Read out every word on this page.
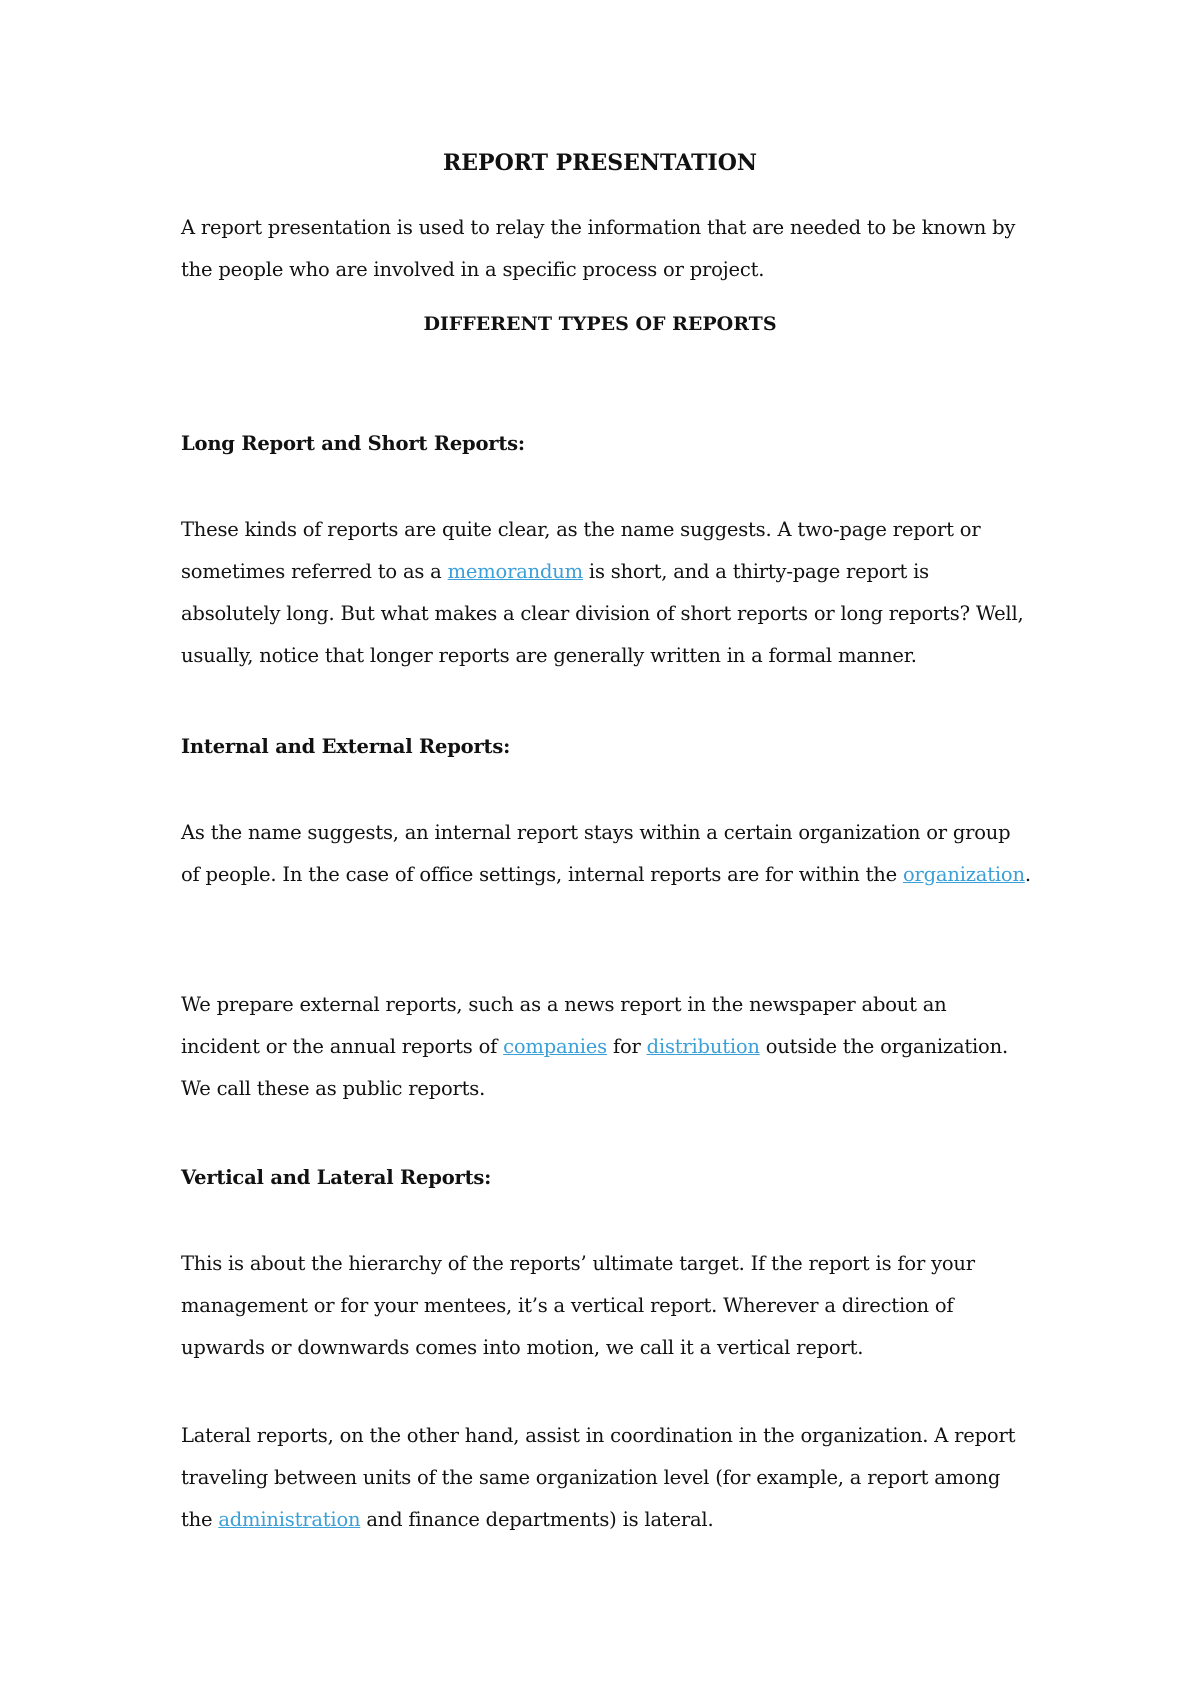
REPORT PRESENTATION

A report presentation is used to relay the information that are needed to be known by the people who are involved in a specific process or project.

DIFFERENT TYPES OF REPORTS
Long Report and Short Reports:

These kinds of reports are quite clear, as the name suggests. A two-page report or sometimes referred to as a memorandum is short, and a thirty-page report is absolutely long. But what makes a clear division of short reports or long reports? Well, usually, notice that longer reports are generally written in a formal manner.

Internal and External Reports:

As the name suggests, an internal report stays within a certain organization or group of people. In the case of office settings, internal reports are for within the organization.

We prepare external reports, such as a news report in the newspaper about an incident or the annual reports of companies for distribution outside the organization. We call these as public reports.

Vertical and Lateral Reports:

This is about the hierarchy of the reports’ ultimate target. If the report is for your management or for your mentees, it’s a vertical report. Wherever a direction of upwards or downwards comes into motion, we call it a vertical report.

Lateral reports, on the other hand, assist in coordination in the organization. A report traveling between units of the same organization level (for example, a report among the administration and finance departments) is lateral.
